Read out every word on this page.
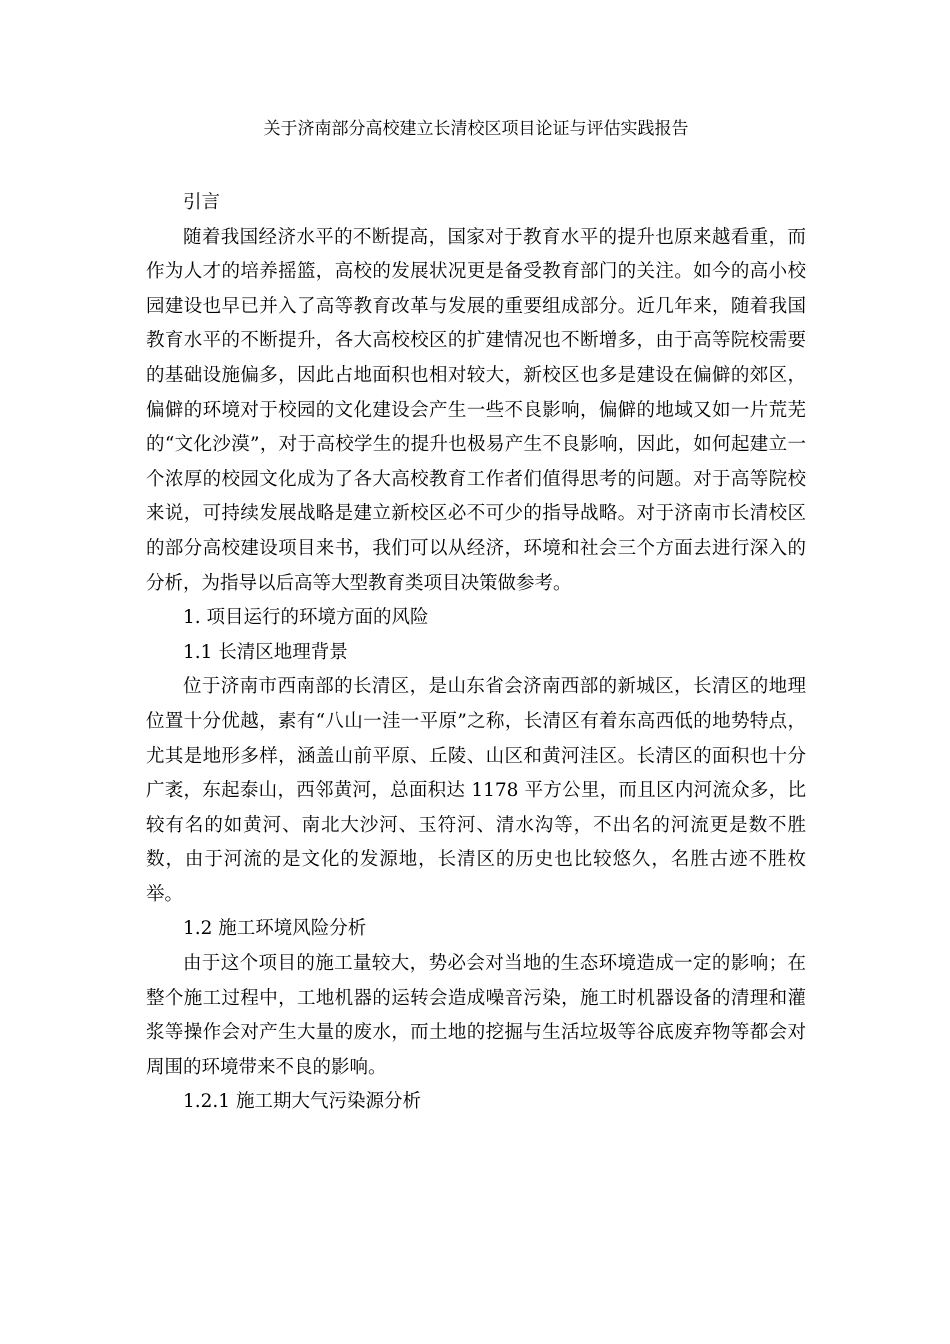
关于济南部分高校建立长清校区项目论证与评估实践报告

引言

随着我国经济水平的不断提高，国家对于教育水平的提升也原来越看重，而作为人才的培养摇篮，高校的发展状况更是备受教育部门的关注。如今的高小校园建设也早已并入了高等教育改革与发展的重要组成部分。近几年来，随着我国教育水平的不断提升，各大高校校区的扩建情况也不断增多，由于高等院校需要的基础设施偏多，因此占地面积也相对较大，新校区也多是建设在偏僻的郊区，偏僻的环境对于校园的文化建设会产生一些不良影响，偏僻的地域又如一片荒芜的“文化沙漠”，对于高校学生的提升也极易产生不良影响，因此，如何起建立一个浓厚的校园文化成为了各大高校教育工作者们值得思考的问题。对于高等院校来说，可持续发展战略是建立新校区必不可少的指导战略。对于济南市长清校区的部分高校建设项目来书，我们可以从经济，环境和社会三个方面去进行深入的分析，为指导以后高等大型教育类项目决策做参考。

1. 项目运行的环境方面的风险

1.1 长清区地理背景

位于济南市西南部的长清区，是山东省会济南西部的新城区，长清区的地理位置十分优越，素有“八山一洼一平原”之称，长清区有着东高西低的地势特点，尤其是地形多样，涵盖山前平原、丘陵、山区和黄河洼区。长清区的面积也十分广袤，东起泰山，西邻黄河，总面积达 1178 平方公里，而且区内河流众多，比较有名的如黄河、南北大沙河、玉符河、清水沟等，不出名的河流更是数不胜数，由于河流的是文化的发源地，长清区的历史也比较悠久，名胜古迹不胜枚举。

1.2 施工环境风险分析

由于这个项目的施工量较大，势必会对当地的生态环境造成一定的影响；在整个施工过程中，工地机器的运转会造成噪音污染，施工时机器设备的清理和灌浆等操作会对产生大量的废水，而土地的挖掘与生活垃圾等谷底废弃物等都会对周围的环境带来不良的影响。

1.2.1 施工期大气污染源分析
